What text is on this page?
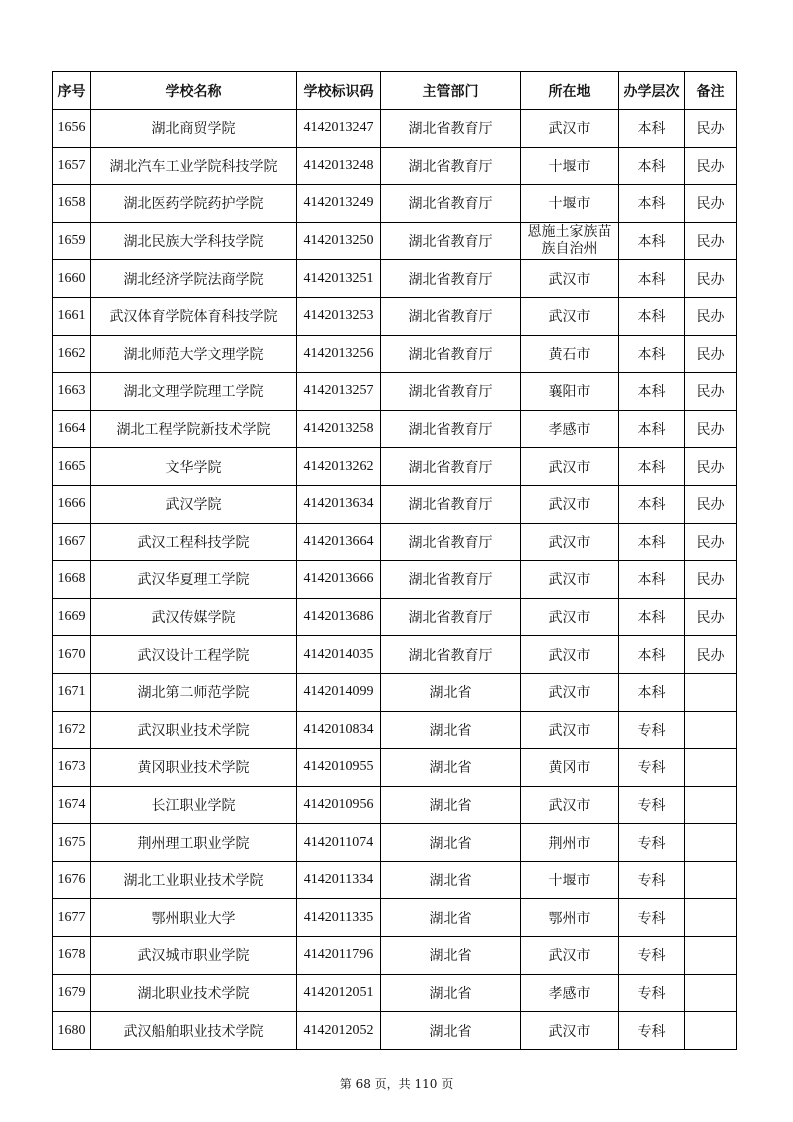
序号	学校名称	学校标识码	主管部门	所在地	办学层次	备注
1656	湖北商贸学院	4142013247	湖北省教育厅	武汉市	本科	民办
1657	湖北汽车工业学院科技学院	4142013248	湖北省教育厅	十堰市	本科	民办
1658	湖北医药学院药护学院	4142013249	湖北省教育厅	十堰市	本科	民办
1659	湖北民族大学科技学院	4142013250	湖北省教育厅	恩施土家族苗族自治州	本科	民办
1660	湖北经济学院法商学院	4142013251	湖北省教育厅	武汉市	本科	民办
1661	武汉体育学院体育科技学院	4142013253	湖北省教育厅	武汉市	本科	民办
1662	湖北师范大学文理学院	4142013256	湖北省教育厅	黄石市	本科	民办
1663	湖北文理学院理工学院	4142013257	湖北省教育厅	襄阳市	本科	民办
1664	湖北工程学院新技术学院	4142013258	湖北省教育厅	孝感市	本科	民办
1665	文华学院	4142013262	湖北省教育厅	武汉市	本科	民办
1666	武汉学院	4142013634	湖北省教育厅	武汉市	本科	民办
1667	武汉工程科技学院	4142013664	湖北省教育厅	武汉市	本科	民办
1668	武汉华夏理工学院	4142013666	湖北省教育厅	武汉市	本科	民办
1669	武汉传媒学院	4142013686	湖北省教育厅	武汉市	本科	民办
1670	武汉设计工程学院	4142014035	湖北省教育厅	武汉市	本科	民办
1671	湖北第二师范学院	4142014099	湖北省	武汉市	本科	
1672	武汉职业技术学院	4142010834	湖北省	武汉市	专科	
1673	黄冈职业技术学院	4142010955	湖北省	黄冈市	专科	
1674	长江职业学院	4142010956	湖北省	武汉市	专科	
1675	荆州理工职业学院	4142011074	湖北省	荆州市	专科	
1676	湖北工业职业技术学院	4142011334	湖北省	十堰市	专科	
1677	鄂州职业大学	4142011335	湖北省	鄂州市	专科	
1678	武汉城市职业学院	4142011796	湖北省	武汉市	专科	
1679	湖北职业技术学院	4142012051	湖北省	孝感市	专科	
1680	武汉船舶职业技术学院	4142012052	湖北省	武汉市	专科	
第 68 页，共 110 页
